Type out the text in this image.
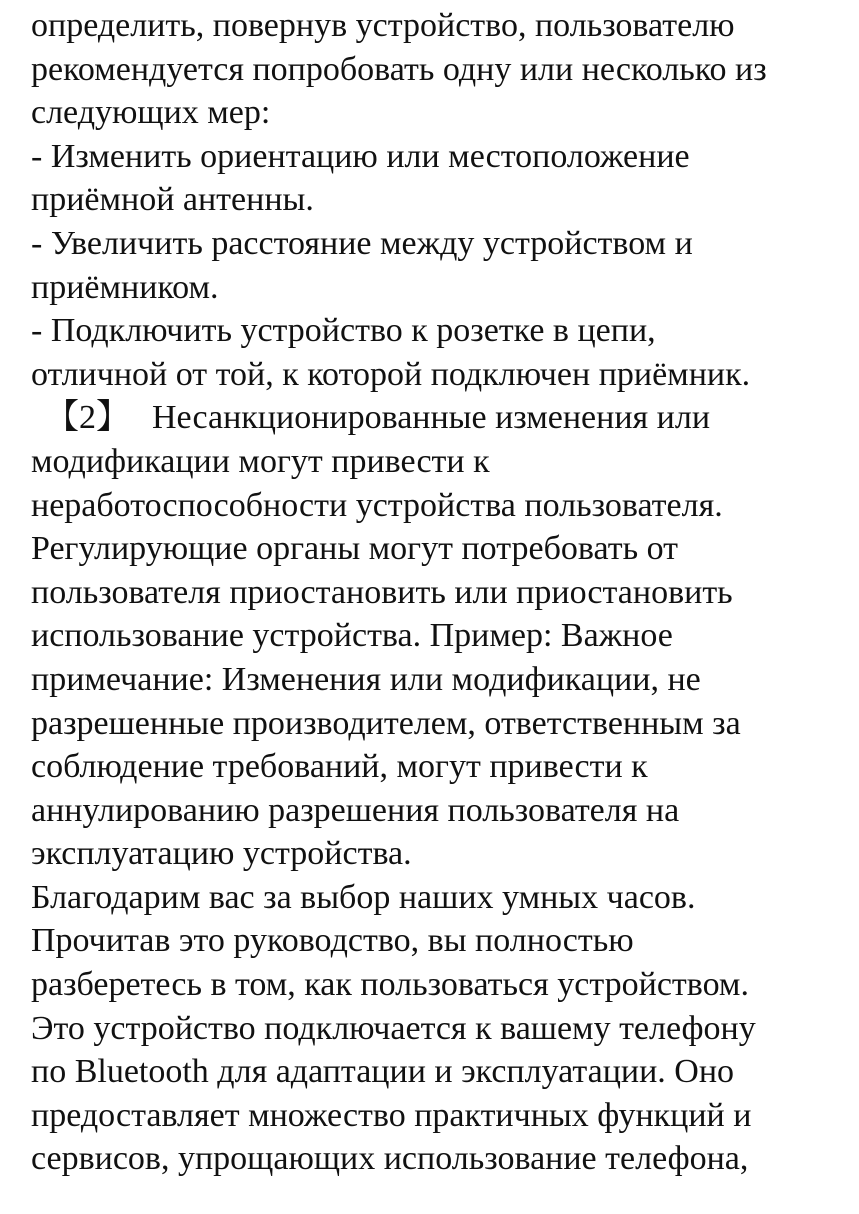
определить, повернув устройство, пользователю
рекомендуется попробовать одну или несколько из
следующих мер:
- Изменить ориентацию или местоположение
приёмной антенны.
- Увеличить расстояние между устройством и
приёмником.
- Подключить устройство к розетке в цепи,
отличной от той, к которой подключен приёмник.
【2】 Несанкционированные изменения или
модификации могут привести к
неработоспособности устройства пользователя.
Регулирующие органы могут потребовать от
пользователя приостановить или приостановить
использование устройства. Пример: Важное
примечание: Изменения или модификации, не
разрешенные производителем, ответственным за
соблюдение требований, могут привести к
аннулированию разрешения пользователя на
эксплуатацию устройства.
Благодарим вас за выбор наших умных часов.
Прочитав это руководство, вы полностью
разберетесь в том, как пользоваться устройством.
Это устройство подключается к вашему телефону
по Bluetooth для адаптации и эксплуатации. Оно
предоставляет множество практичных функций и
сервисов, упрощающих использование телефона,
